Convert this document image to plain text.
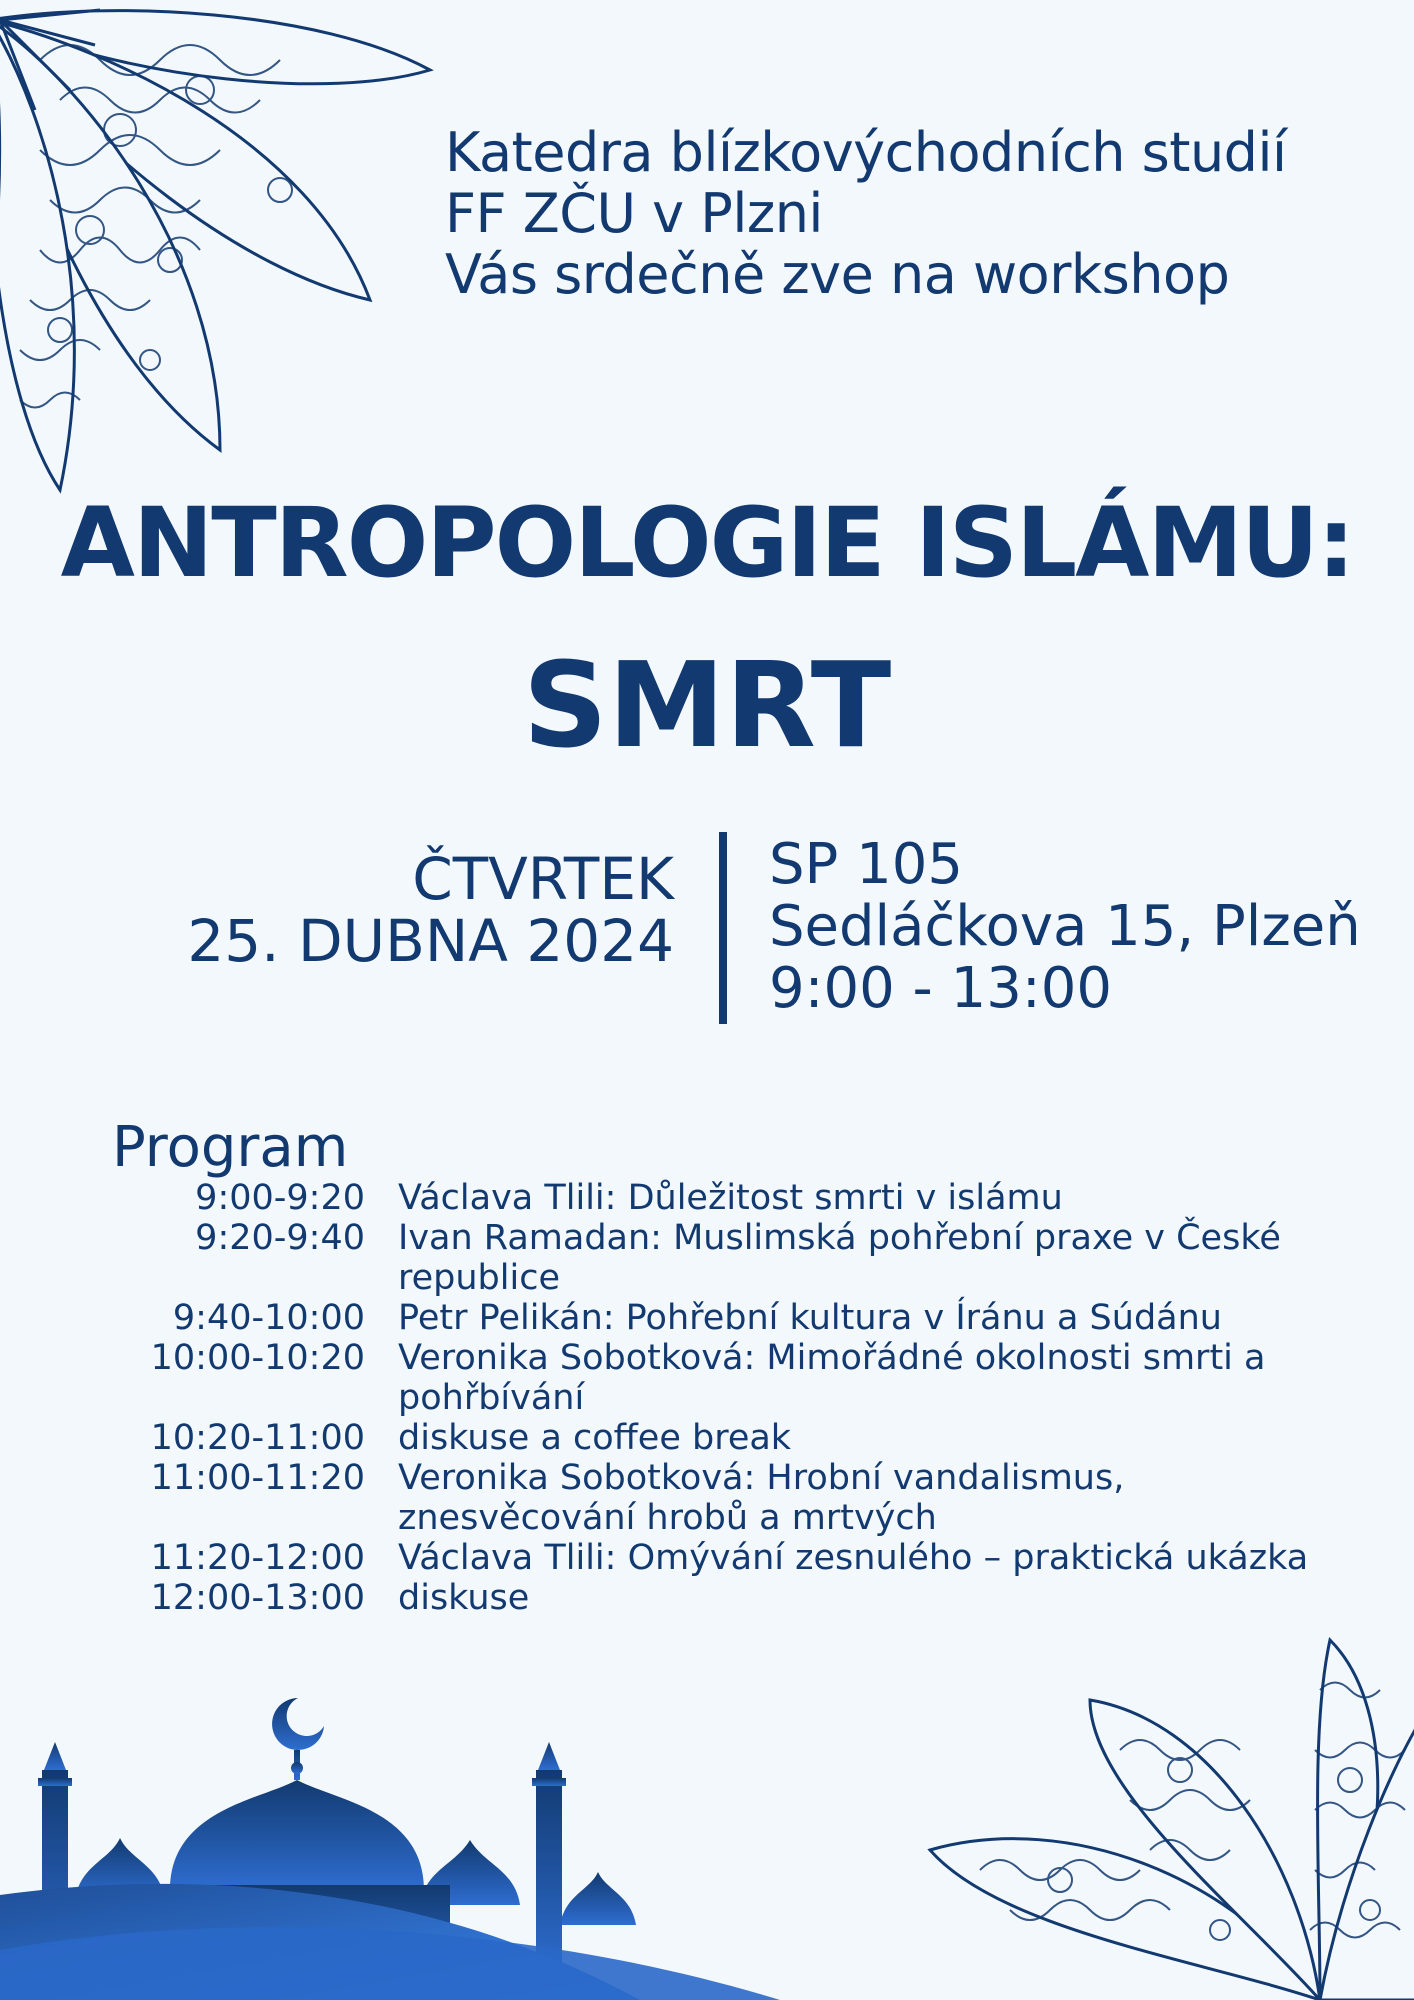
Katedra blízkovýchodních studií
FF ZČU v Plzni
Vás srdečně zve na workshop
ANTROPOLOGIE ISLÁMU:
SMRT
ČTVRTEK
25. DUBNA 2024
SP 105
Sedláčkova 15, Plzeň
9:00 - 13:00
Program
9:00-9:20 Václava Tlili: Důležitost smrti v islámu
9:20-9:40 Ivan Ramadan: Muslimská pohřební praxe v České republice
9:40-10:00 Petr Pelikán: Pohřební kultura v Íránu a Súdánu
10:00-10:20 Veronika Sobotková: Mimořádné okolnosti smrti a pohřbívání
10:20-11:00 diskuse a coffee break
11:00-11:20 Veronika Sobotková: Hrobní vandalismus, znesvěcování hrobů a mrtvých
11:20-12:00 Václava Tlili: Omývání zesnulého – praktická ukázka
12:00-13:00 diskuse
